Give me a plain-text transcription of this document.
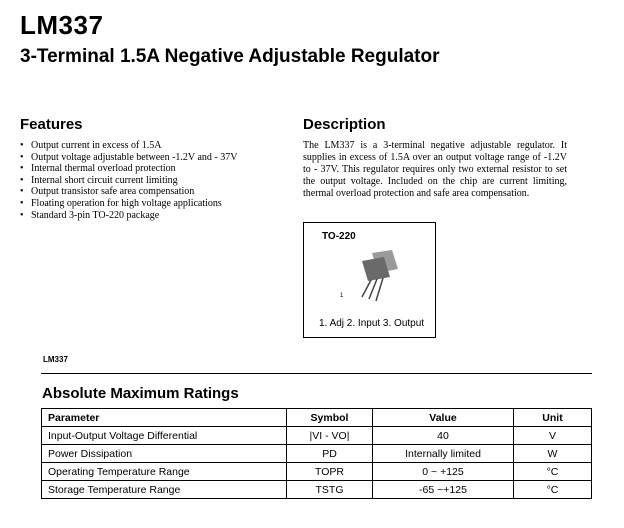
LM337
3-Terminal 1.5A Negative Adjustable Regulator
Features
• Output current in excess of 1.5A
• Output voltage adjustable between -1.2V and - 37V
• Internal thermal overload protection
• Internal short circuit current limiting
• Output transistor safe area compensation
• Floating operation for high voltage applications
• Standard 3-pin TO-220 package
Description

The LM337 is a 3-terminal negative adjustable regulator. It supplies in excess of 1.5A over an output voltage range of -1.2V to - 37V. This regulator requires only two external resistor to set the output voltage. Included on the chip are current limiting, thermal overload protection and safe area compensation.

TO-220
1
1. Adj 2. Input 3. Output
LM337
Absolute Maximum Ratings
Parameter	Symbol	Value	Unit
Input-Output Voltage Differential	|VI - VO|	40	V
Power Dissipation	PD	Internally limited	W
Operating Temperature Range	TOPR	0 ~ +125	°C
Storage Temperature Range	TSTG	-65 ~+125	°C
